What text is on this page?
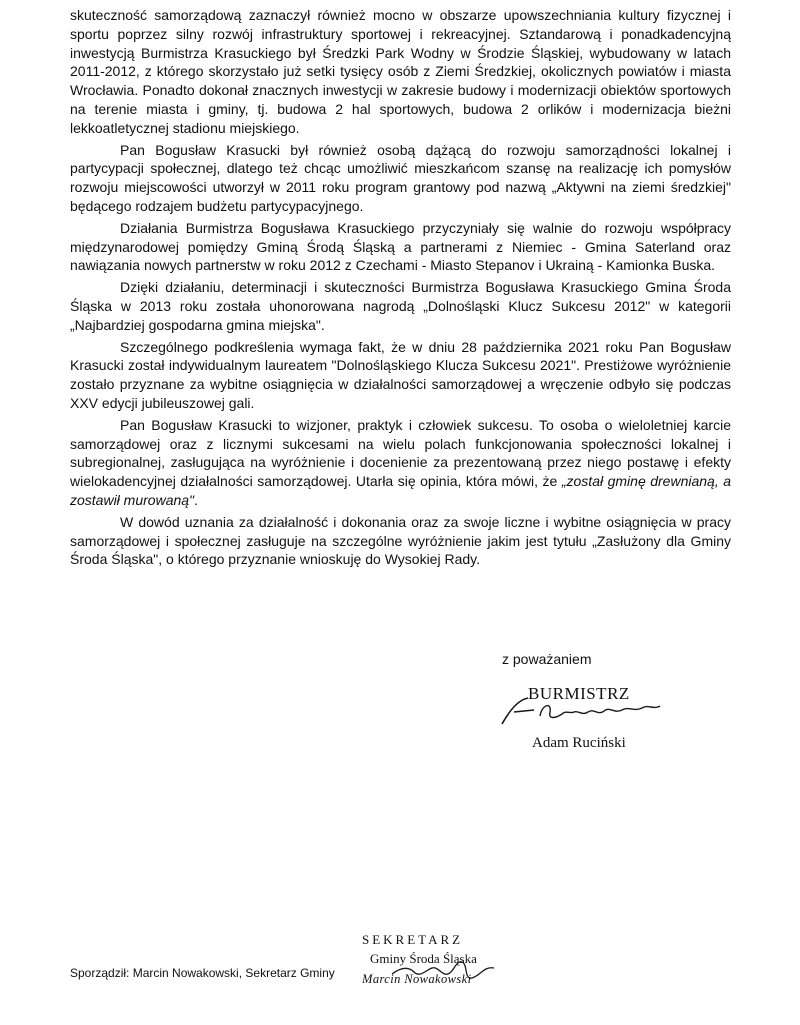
skuteczność samorządową zaznaczył również mocno w obszarze upowszechniania kultury fizycznej i sportu poprzez silny rozwój infrastruktury sportowej i rekreacyjnej. Sztandarową i ponadkadencyjną inwestycją Burmistrza Krasuckiego był Średzki Park Wodny w Środzie Śląskiej, wybudowany w latach 2011-2012, z którego skorzystało już setki tysięcy osób z Ziemi Średzkiej, okolicznych powiatów i miasta Wrocławia. Ponadto dokonał znacznych inwestycji w zakresie budowy i modernizacji obiektów sportowych na terenie miasta i gminy, tj. budowa 2 hal sportowych, budowa 2 orlików i modernizacja bieżni lekkoatletycznej stadionu miejskiego.

Pan Bogusław Krasucki był również osobą dążącą do rozwoju samorządności lokalnej i partycypacji społecznej, dlatego też chcąc umożliwić mieszkańcom szansę na realizację ich pomysłów rozwoju miejscowości utworzył w 2011 roku program grantowy pod nazwą „Aktywni na ziemi średzkiej" będącego rodzajem budżetu partycypacyjnego.

Działania Burmistrza Bogusława Krasuckiego przyczyniały się walnie do rozwoju współpracy międzynarodowej pomiędzy Gminą Środą Śląską a partnerami z Niemiec - Gmina Saterland oraz nawiązania nowych partnerstw w roku 2012 z Czechami - Miasto Stepanov i Ukrainą - Kamionka Buska.

Dzięki działaniu, determinacji i skuteczności Burmistrza Bogusława Krasuckiego Gmina Środa Śląska w 2013 roku została uhonorowana nagrodą „Dolnośląski Klucz Sukcesu 2012" w kategorii „Najbardziej gospodarna gmina miejska".

Szczególnego podkreślenia wymaga fakt, że w dniu 28 października 2021 roku Pan Bogusław Krasucki został indywidualnym laureatem "Dolnośląskiego Klucza Sukcesu 2021". Prestiżowe wyróżnienie zostało przyznane za wybitne osiągnięcia w działalności samorządowej a wręczenie odbyło się podczas XXV edycji jubileuszowej gali.

Pan Bogusław Krasucki to wizjoner, praktyk i człowiek sukcesu. To osoba o wieloletniej karcie samorządowej oraz z licznymi sukcesami na wielu polach funkcjonowania społeczności lokalnej i subregionalnej, zasługująca na wyróżnienie i docenienie za prezentowaną przez niego postawę i efekty wielokadencyjnej działalności samorządowej. Utarła się opinia, która mówi, że „został gminę drewnianą, a zostawił murowaną".

W dowód uznania za działalność i dokonania oraz za swoje liczne i wybitne osiągnięcia w pracy samorządowej i społecznej zasługuje na szczególne wyróżnienie jakim jest tytułu „Zasłużony dla Gminy Środa Śląska", o którego przyznanie wnioskuję do Wysokiej Rady.

z poważaniem
BURMISTRZ
Adam Ruciński
SEKRETARZ
Gminy Środa Śląska
Marcin Nowakowski
Sporządził: Marcin Nowakowski, Sekretarz Gminy
